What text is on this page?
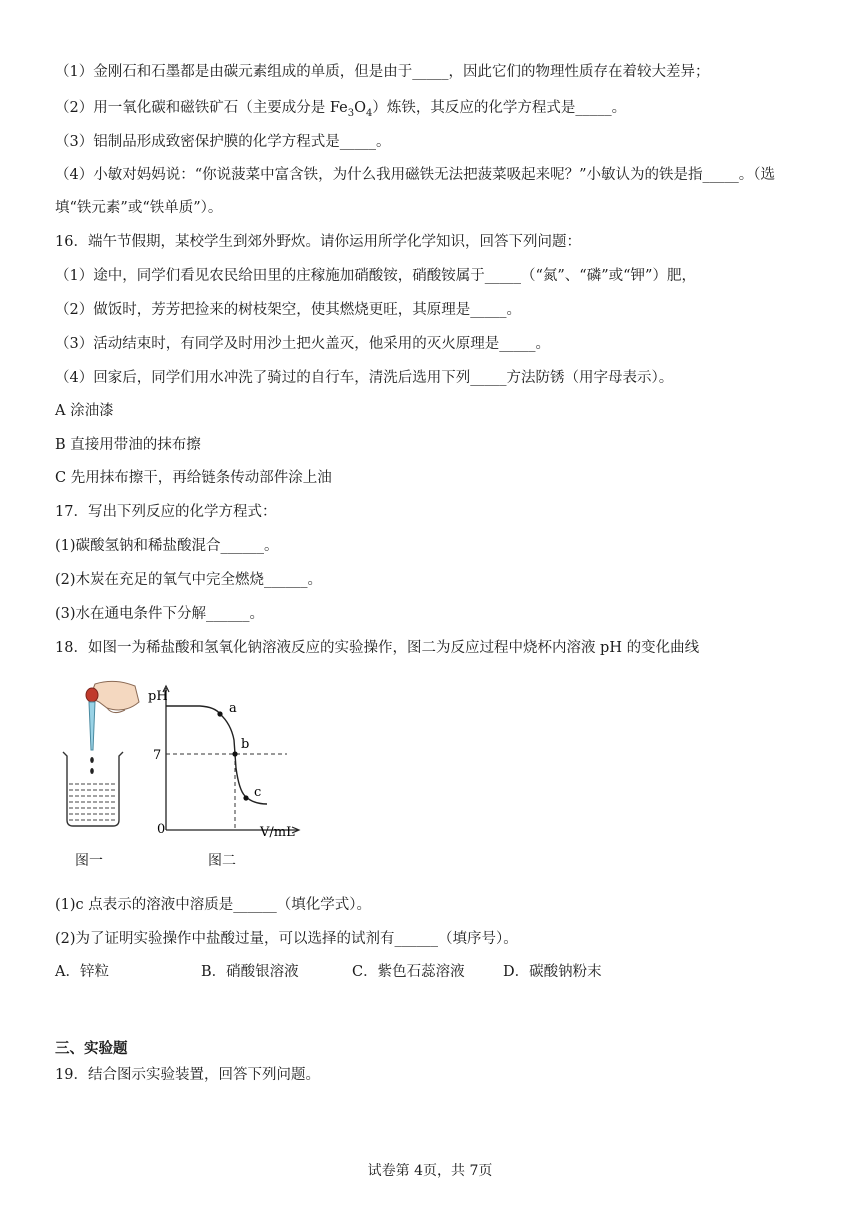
（1）金刚石和石墨都是由碳元素组成的单质，但是由于_____，因此它们的物理性质存在着较大差异；
（2）用一氧化碳和磁铁矿石（主要成分是 $Fe_3O_4$）炼铁，其反应的化学方程式是_____。
（3）铝制品形成致密保护膜的化学方程式是_____。
（4）小敏对妈妈说：“你说菠菜中富含铁，为什么我用磁铁无法把菠菜吸起来呢？”小敏认为的铁是指_____。（选
填“铁元素”或“铁单质”）。
16．端午节假期，某校学生到郊外野炊。请你运用所学化学知识，回答下列问题：
（1）途中，同学们看见农民给田里的庄稼施加硝酸铵，硝酸铵属于_____（“氮”、“磷”或“钾”）肥，
（2）做饭时，芳芳把捡来的树枝架空，使其燃烧更旺，其原理是_____。
（3）活动结束时，有同学及时用沙土把火盖灭，他采用的灭火原理是_____。
（4）回家后，同学们用水冲洗了骑过的自行车，清洗后选用下列_____方法防锈（用字母表示）。
A 涂油漆
B 直接用带油的抹布擦
C 先用抹布擦干，再给链条传动部件涂上油
17．写出下列反应的化学方程式：
(1)碳酸氢钠和稀盐酸混合______。
(2)木炭在充足的氧气中完全燃烧______。
(3)水在通电条件下分解______。
18．如图一为稀盐酸和氢氧化钠溶液反应的实验操作，图二为反应过程中烧杯内溶液 pH 的变化曲线
pH
7
0	V/mL
a
b
c
图一	图二
(1)c 点表示的溶液中溶质是______（填化学式）。
(2)为了证明实验操作中盐酸过量，可以选择的试剂有______（填序号）。
A．锌粒	B．硝酸银溶液	C．紫色石蕊溶液	D．碳酸钠粉末
三、实验题
19．结合图示实验装置，回答下列问题。
试卷第 4页，共 7页
